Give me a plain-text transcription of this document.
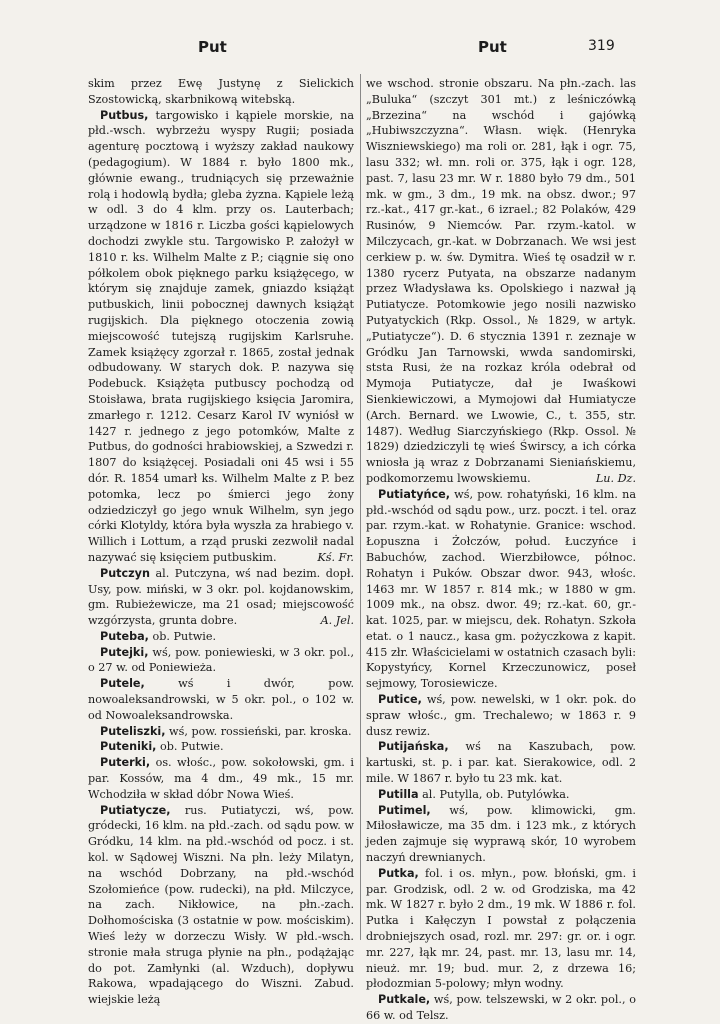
Put	Put	319

skim przez Ewę Justynę z Sielickich Szostowicką, skarbnikową witebską.

Putbus, targowisko i kąpiele morskie, na płd.-wsch. wybrzeżu wyspy Rugii; posiada agenturę pocztową i wyższy zakład naukowy (pedagogium). W 1884 r. było 1800 mk., głównie ewang., trudniących się przeważnie rolą i hodowlą bydła; gleba żyzna. Kąpiele leżą w odl. 3 do 4 klm. przy os. Lauterbach; urządzone w 1816 r. Liczba gości kąpielowych dochodzi zwykle stu. Targowisko P. założył w 1810 r. ks. Wilhelm Malte z P.; ciągnie się ono półkolem obok pięknego parku książęcego, w którym się znajduje zamek, gniazdo książąt putbuskich, linii pobocznej dawnych książąt rugijskich. Dla pięknego otoczenia zowią miejscowość tutejszą rugijskim Karlsruhe. Zamek książęcy zgorzał r. 1865, został jednak odbudowany. W starych dok. P. nazywa się Podebuck. Książęta putbuscy pochodzą od Stoisława, brata rugijskiego księcia Jaromira, zmarłego r. 1212. Cesarz Karol IV wyniósł w 1427 r. jednego z jego potomków, Malte z Putbus, do godności hrabiowskiej, a Szwedzi r. 1807 do książęcej. Posiadali oni 45 wsi i 55 dór. R. 1854 umarł ks. Wilhelm Malte z P. bez potomka, lecz po śmierci jego żony odziedziczył go jego wnuk Wilhelm, syn jego córki Klotyldy, która była wyszła za hrabiego v. Willich i Lottum, a rząd pruski zezwolił nadal nazywać się księciem putbuskim.	Kś. Fr.

Putczyn al. Putczyna, wś nad bezim. dopł. Usy, pow. miński, w 3 okr. pol. kojdanowskim, gm. Rubieżewicze, ma 21 osad; miejscowość wzgórzysta, grunta dobre.	A. Jel.

Puteba, ob. Putwie.

Putejki, wś, pow. poniewieski, w 3 okr. pol., o 27 w. od Poniewieża.

Putele, wś i dwór, pow. nowoaleksandrowski, w 5 okr. pol., o 102 w. od Nowoaleksandrowska.

Puteliszki, wś, pow. rossieński, par. kroska.

Puteniki, ob. Putwie.

Puterki, os. włośc., pow. sokołowski, gm. i par. Kossów, ma 4 dm., 49 mk., 15 mr. Wchodziła w skład dóbr Nowa Wieś.

Putiatycze, rus. Putiatyczi, wś, pow. gródecki, 16 klm. na płd.-zach. od sądu pow. w Gródku, 14 klm. na płd.-wschód od pocz. i st. kol. w Sądowej Wiszni. Na płn. leży Milatyn, na wschód Dobrzany, na płd.-wschód Szołomieńce (pow. rudecki), na płd. Milczyce, na zach. Nikłowice, na płn.-zach. Dołhomościska (3 ostatnie w pow. mościskim). Wieś leży w dorzeczu Wisły. W płd.-wsch. stronie mała struga płynie na płn., podążając do pot. Zamłynki (al. Wzduch), dopływu Rakowa, wpadającego do Wiszni. Zabud. wiejskie leżą

we wschod. stronie obszaru. Na płn.-zach. las „Buluka“ (szczyt 301 mt.) z leśniczówką „Brzezina“ na wschód i gajówką „Hubiwszczyzna“. Własn. więk. (Henryka Wiszniewskiego) ma roli or. 281, łąk i ogr. 75, lasu 332; wł. mn. roli or. 375, łąk i ogr. 128, past. 7, lasu 23 mr. W r. 1880 było 79 dm., 501 mk. w gm., 3 dm., 19 mk. na obsz. dwor.; 97 rz.-kat., 417 gr.-kat., 6 izrael.; 82 Polaków, 429 Rusinów, 9 Niemców. Par. rzym.-katol. w Milczycach, gr.-kat. w Dobrzanach. We wsi jest cerkiew p. w. św. Dymitra. Wieś tę osadził w r. 1380 rycerz Putyata, na obszarze nadanym przez Władysława ks. Opolskiego i nazwał ją Putiatycze. Potomkowie jego nosili nazwisko Putyatyckich (Rkp. Ossol., № 1829, w artyk. „Putiatycze“). D. 6 stycznia 1391 r. zeznaje w Gródku Jan Tarnowski, wwda sandomirski, ststa Rusi, że na rozkaz króla odebrał od Mymoja Putiatycze, dał je Iwaśkowi Sienkiewiczowi, a Mymojowi dał Humiatycze (Arch. Bernard. we Lwowie, C., t. 355, str. 1487). Według Siarczyńskiego (Rkp. Ossol. № 1829) dziedziczyli tę wieś Świrscy, a ich córka wniosła ją wraz z Dobrzanami Sieniańskiemu, podkomorzemu lwowskiemu.	Lu. Dz.

Putiatyńce, wś, pow. rohatyński, 16 klm. na płd.-wschód od sądu pow., urz. poczt. i tel. oraz par. rzym.-kat. w Rohatynie. Granice: wschod. Łopuszna i Żołczów, połud. Łuczyńce i Babuchów, zachod. Wierzbiłowce, północ. Rohatyn i Puków. Obszar dwor. 943, włośc. 1463 mr. W 1857 r. 814 mk.; w 1880 w gm. 1009 mk., na obsz. dwor. 49; rz.-kat. 60, gr.-kat. 1025, par. w miejscu, dek. Rohatyn. Szkoła etat. o 1 naucz., kasa gm. pożyczkowa z kapit. 415 złr. Właścicielami w ostatnich czasach byli: Kopystyńcy, Kornel Krzeczunowicz, poseł sejmowy, Torosiewicze.

Putice, wś, pow. newelski, w 1 okr. pok. do spraw włośc., gm. Trechalewo; w 1863 r. 9 dusz rewiz.

Putijańska, wś na Kaszubach, pow. kartuski, st. p. i par. kat. Sierakowice, odl. 2 mile. W 1867 r. było tu 23 mk. kat.

Putilla al. Putylla, ob. Putylówka.

Putimel, wś, pow. klimowicki, gm. Miłosławicze, ma 35 dm. i 123 mk., z których jeden zajmuje się wyprawą skór, 10 wyrobem naczyń drewnianych.

Putka, fol. i os. młyn., pow. błoński, gm. i par. Grodzisk, odl. 2 w. od Grodziska, ma 42 mk. W 1827 r. było 2 dm., 19 mk. W 1886 r. fol. Putka i Kałęczyn I powstał z połączenia drobniejszych osad, rozl. mr. 297: gr. or. i ogr. mr. 227, łąk mr. 24, past. mr. 13, lasu mr. 14, nieuż. mr. 19; bud. mur. 2, z drzewa 16; płodozmian 5-polowy; młyn wodny.

Putkale, wś, pow. telszewski, w 2 okr. pol., o 66 w. od Telsz.
